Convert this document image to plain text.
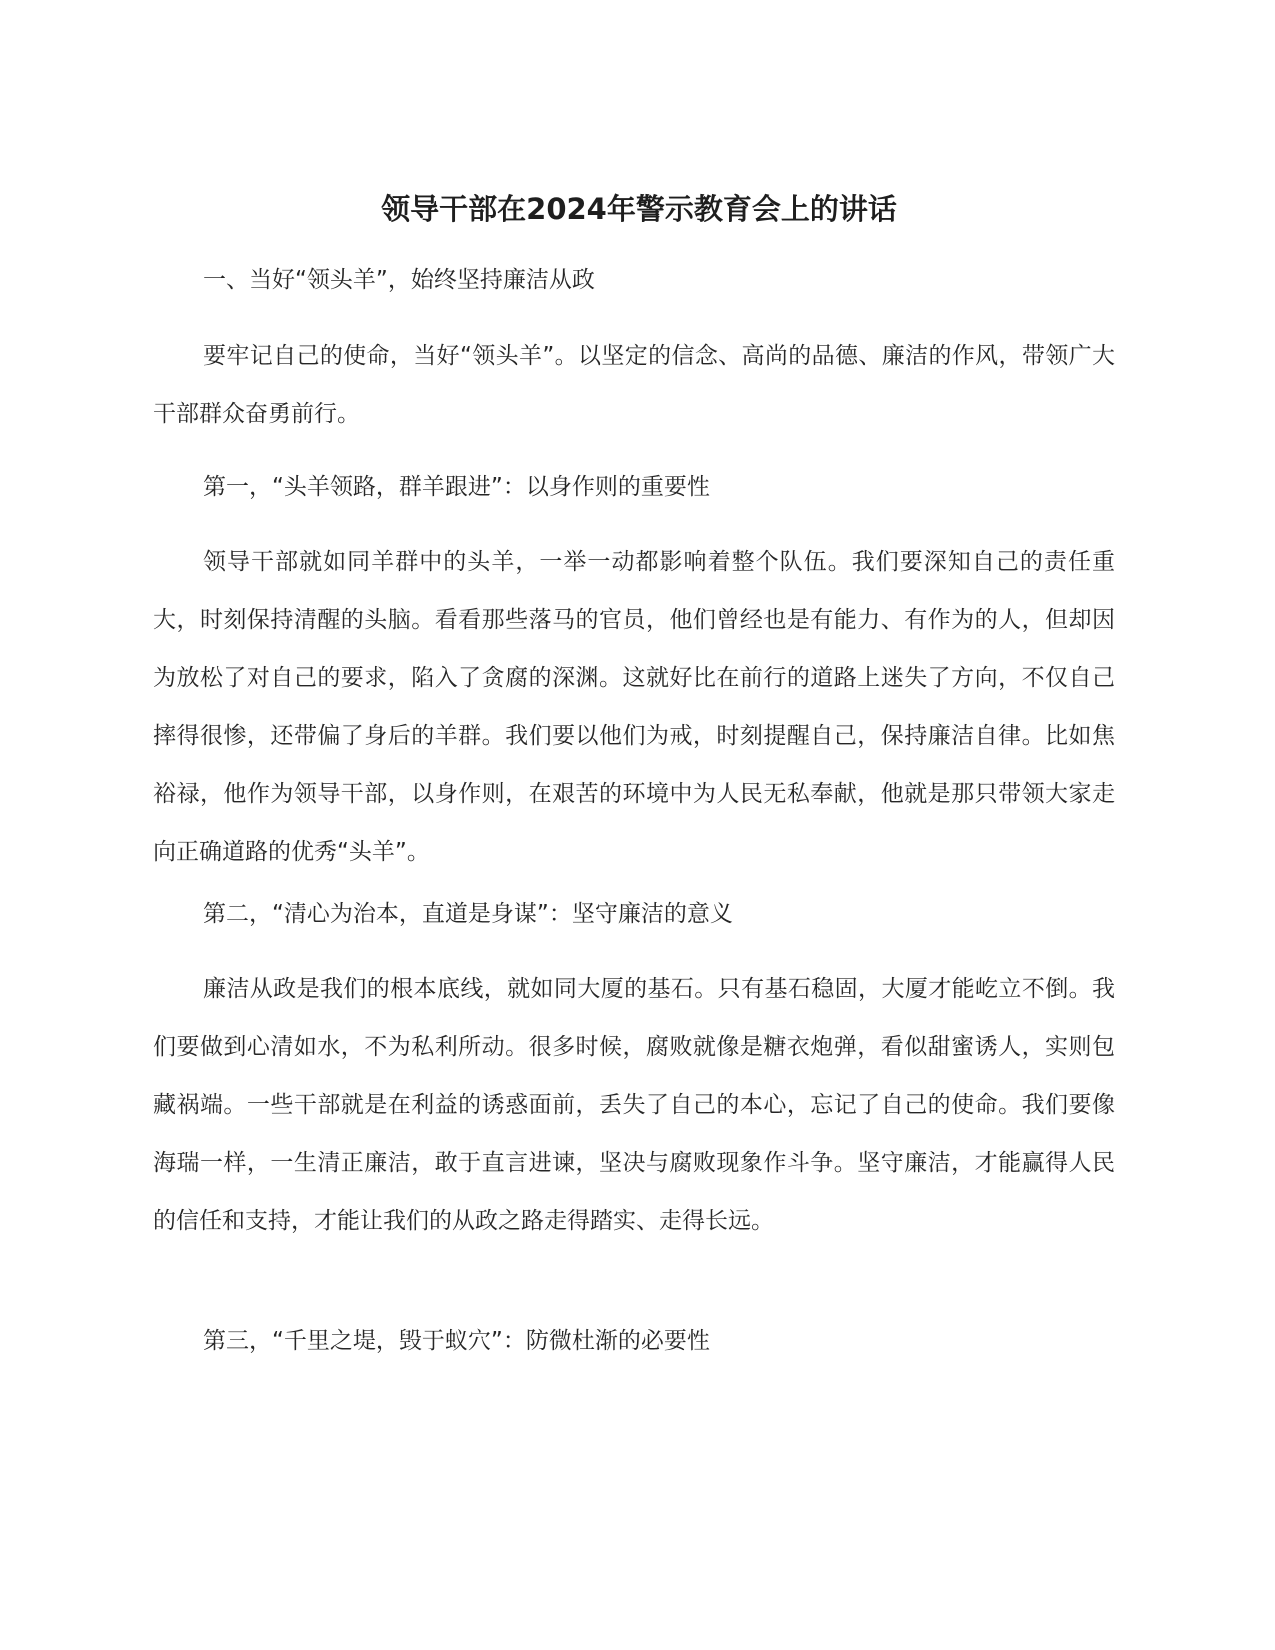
领导干部在2024年警示教育会上的讲话

一、当好“领头羊”，始终坚持廉洁从政

要牢记自己的使命，当好“领头羊”。以坚定的信念、高尚的品德、廉洁的作风，带领广大干部群众奋勇前行。

第一，“头羊领路，群羊跟进”：以身作则的重要性

领导干部就如同羊群中的头羊，一举一动都影响着整个队伍。我们要深知自己的责任重大，时刻保持清醒的头脑。看看那些落马的官员，他们曾经也是有能力、有作为的人，但却因为放松了对自己的要求，陷入了贪腐的深渊。这就好比在前行的道路上迷失了方向，不仅自己摔得很惨，还带偏了身后的羊群。我们要以他们为戒，时刻提醒自己，保持廉洁自律。比如焦裕禄，他作为领导干部，以身作则，在艰苦的环境中为人民无私奉献，他就是那只带领大家走向正确道路的优秀“头羊”。

第二，“清心为治本，直道是身谋”：坚守廉洁的意义

廉洁从政是我们的根本底线，就如同大厦的基石。只有基石稳固，大厦才能屹立不倒。我们要做到心清如水，不为私利所动。很多时候，腐败就像是糖衣炮弹，看似甜蜜诱人，实则包藏祸端。一些干部就是在利益的诱惑面前，丢失了自己的本心，忘记了自己的使命。我们要像海瑞一样，一生清正廉洁，敢于直言进谏，坚决与腐败现象作斗争。坚守廉洁，才能赢得人民的信任和支持，才能让我们的从政之路走得踏实、走得长远。

第三，“千里之堤，毁于蚁穴”：防微杜渐的必要性
